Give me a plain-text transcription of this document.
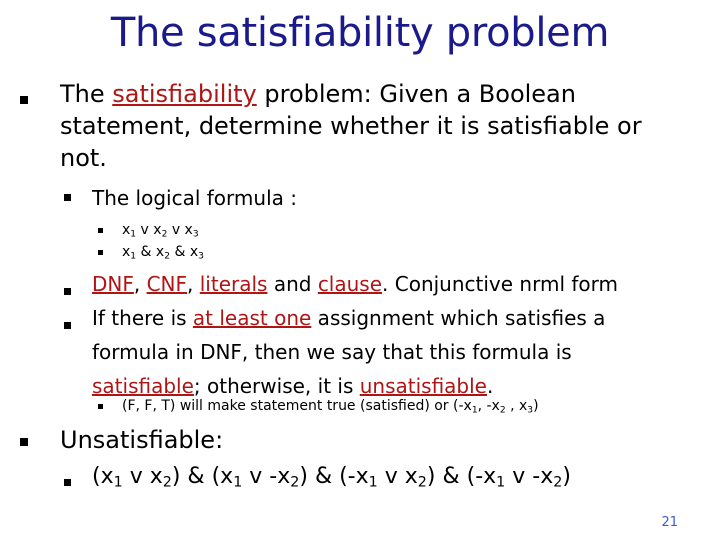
The satisfiability problem
The satisfiability problem: Given a Boolean statement, determine whether it is satisfiable or not.
The logical formula :
$x_1$ v $x_2$ v $x_3$
$x_1$ & $x_2$ & $x_3$
DNF, CNF, literals and clause. Conjunctive nrml form
If there is at least one assignment which satisfies a formula in DNF, then we say that this formula is satisfiable; otherwise, it is unsatisfiable.
(F, F, T) will make statement true (satisfied) or ($-x_1$, $-x_2$ , $x_3$)
Unsatisfiable:
($x_1$ v $x_2$) & ($x_1$ v $-x_2$) & ($-x_1$ v $x_2$) & ($-x_1$ v $-x_2$)
21
